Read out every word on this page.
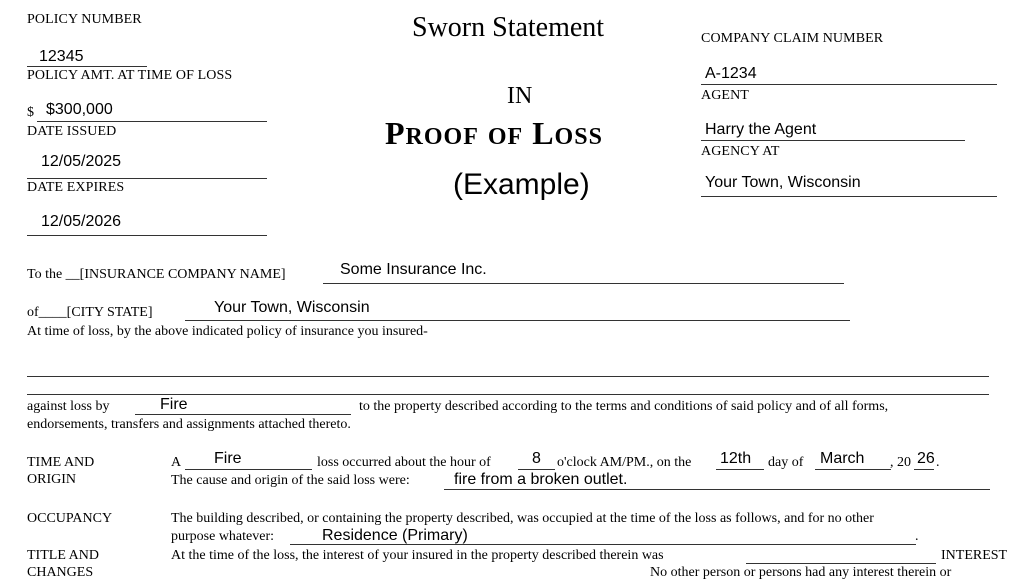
POLICY NUMBER
12345
POLICY AMT. AT TIME OF LOSS
$ $300,000
DATE ISSUED
12/05/2025
DATE EXPIRES
12/05/2026
Sworn Statement
IN
PROOF OF LOSS
(Example)
COMPANY CLAIM NUMBER
A-1234
AGENT
Harry the Agent
AGENCY AT
Your Town, Wisconsin
To the __[INSURANCE COMPANY NAME]	Some Insurance Inc.
of____[CITY STATE]	Your Town, Wisconsin
At time of loss, by the above indicated policy of insurance you insured-
against loss by	Fire	to the property described according to the terms and conditions of said policy and of all forms,
endorsements, transfers and assignments attached thereto.
TIME AND
ORIGIN
A Fire	loss occurred about the hour of	8 o'clock AM/PM., on the 12th day of March , 20 26 .
The cause and origin of the said loss were:	fire from a broken outlet.
OCCUPANCY	The building described, or containing the property described, was occupied at the time of the loss as follows, and for no other
purpose whatever:	Residence (Primary)	.
TITLE AND
CHANGES
At the time of the loss, the interest of your insured in the property described therein was	INTEREST
No other person or persons had any interest therein or
